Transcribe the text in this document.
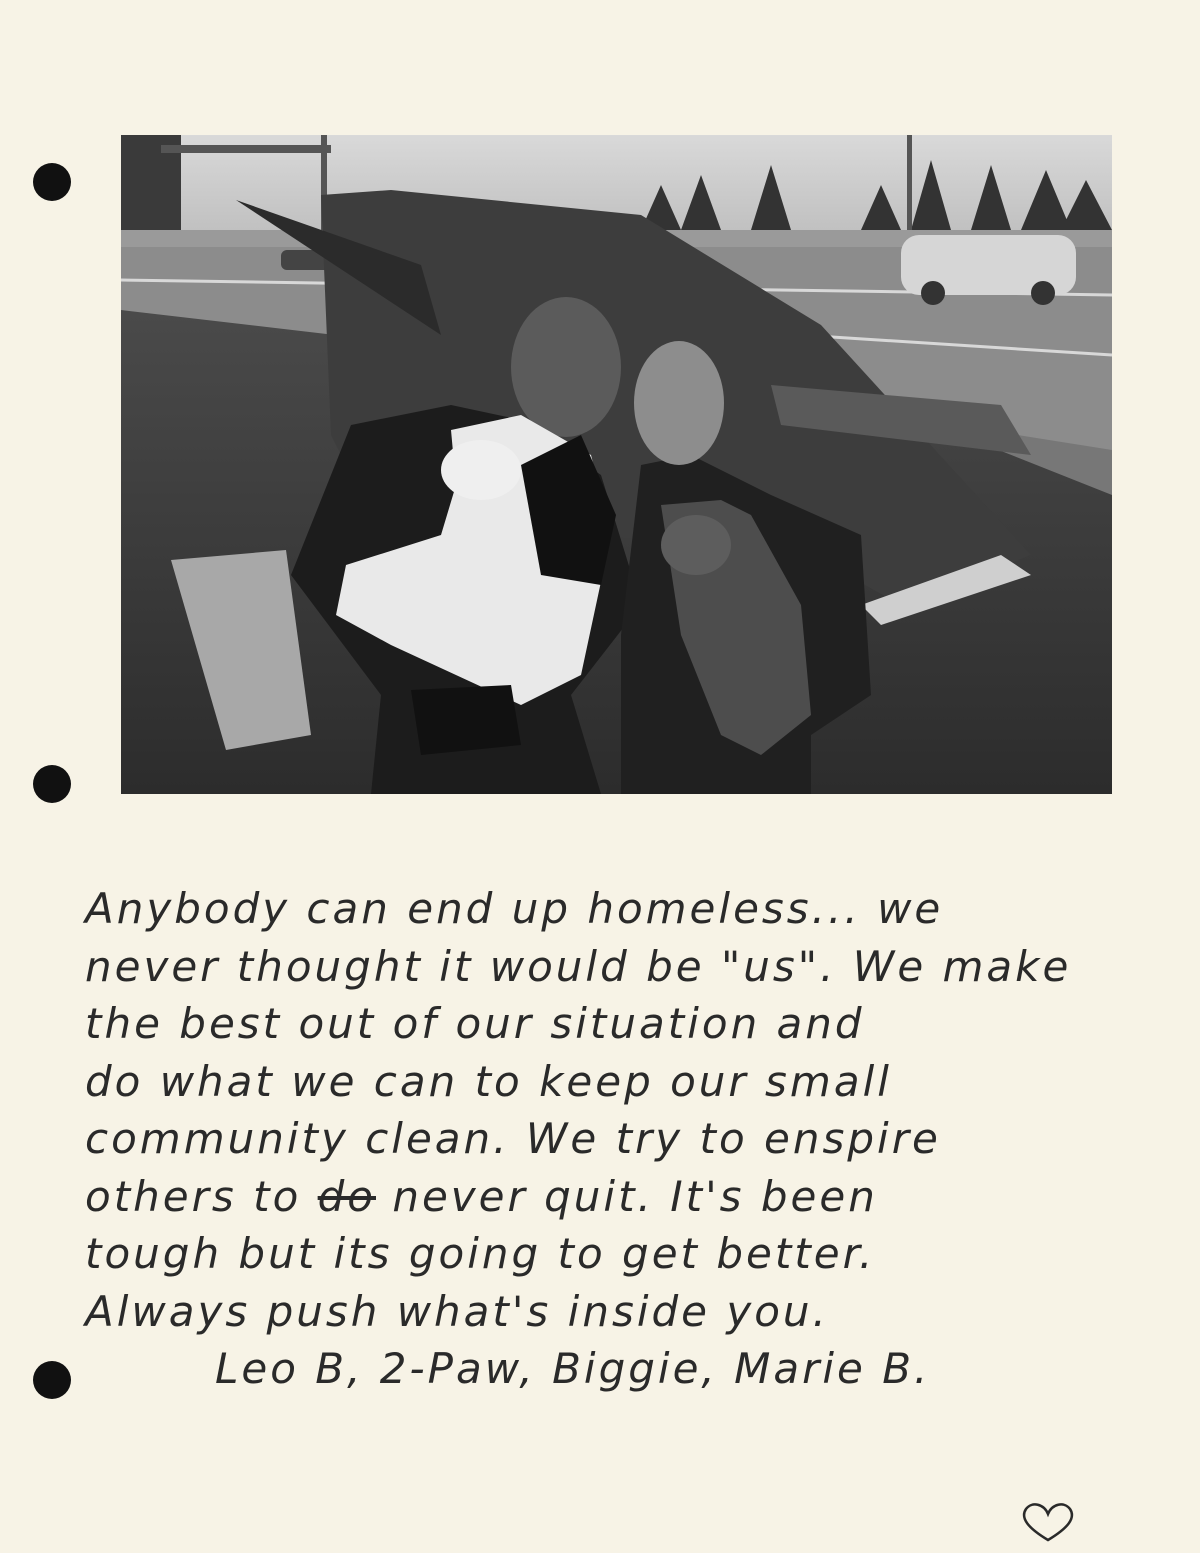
Anybody can end up homeless... we
never thought it would be "us". We make
the best out of our situation and
do what we can to keep our small
community clean. We try to enspire
others to do never quit. It's been
tough but its going to get better.
Always push what's inside you.
Leo B, 2-Paw, Biggie, Marie B.
